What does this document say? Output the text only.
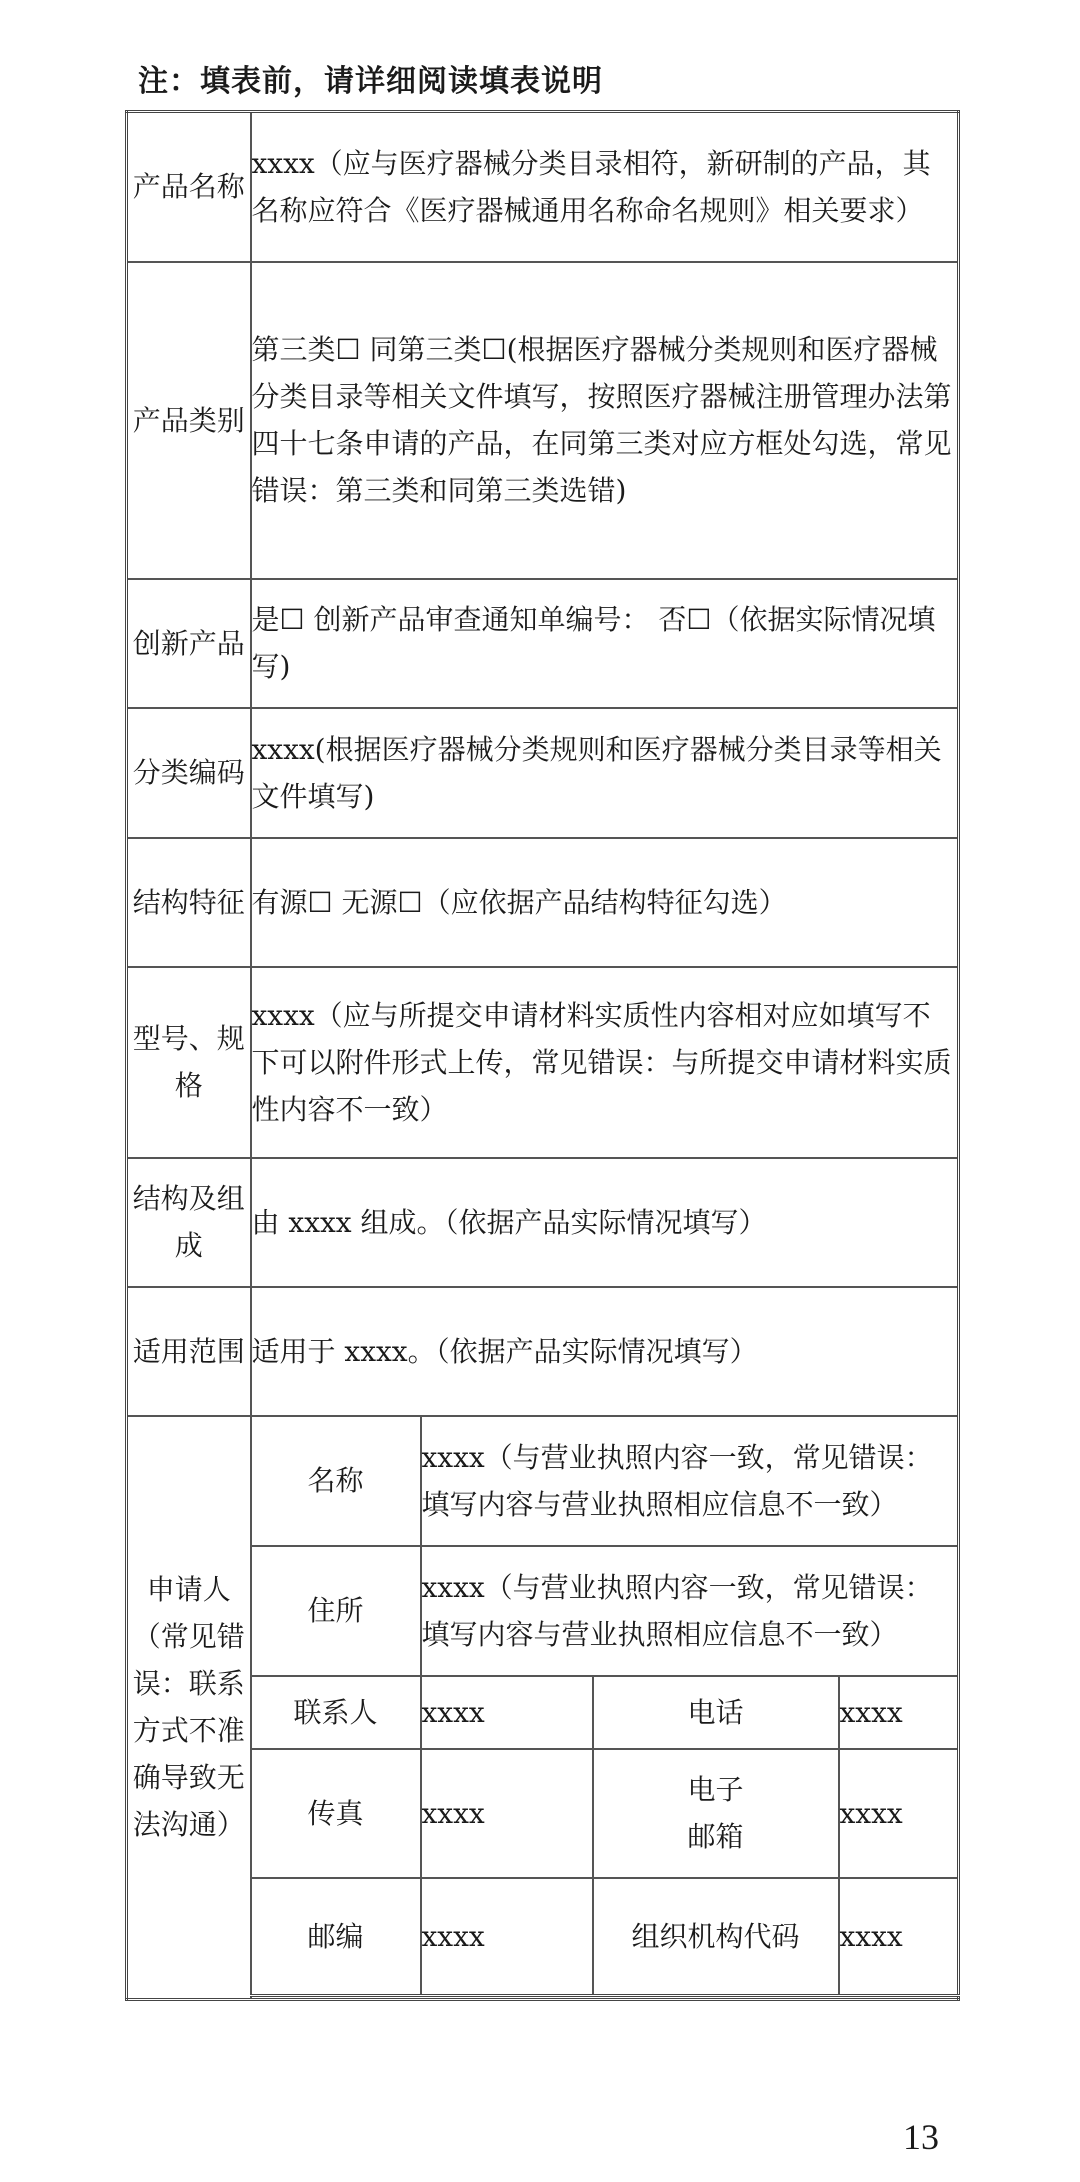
注：填表前，请详细阅读填表说明
产品名称	xxxx（应与医疗器械分类目录相符，新研制的产品，其名称应符合《医疗器械通用名称命名规则》相关要求）			
产品类别	第三类☐ 同第三类☐(根据医疗器械分类规则和医疗器械分类目录等相关文件填写，按照医疗器械注册管理办法第四十七条申请的产品，在同第三类对应方框处勾选，常见错误：第三类和同第三类选错)			
创新产品	是☐ 创新产品审查通知单编号： 否☐（依据实际情况填写)			
分类编码	xxxx(根据医疗器械分类规则和医疗器械分类目录等相关文件填写)			
结构特征	有源☐ 无源☐（应依据产品结构特征勾选）			
型号、规格	xxxx（应与所提交申请材料实质性内容相对应如填写不下可以附件形式上传，常见错误：与所提交申请材料实质性内容不一致）			
结构及组成	由 xxxx 组成。（依据产品实际情况填写）			
适用范围	适用于 xxxx。（依据产品实际情况填写）			
申请人（常见错误：联系方式不准确导致无法沟通）	名称	xxxx（与营业执照内容一致，常见错误：填写内容与营业执照相应信息不一致）		
	住所	xxxx（与营业执照内容一致，常见错误：填写内容与营业执照相应信息不一致）		
	联系人	xxxx	电话	xxxx
	传真	xxxx	电子邮箱	xxxx
	邮编	xxxx	组织机构代码	xxxx

13
